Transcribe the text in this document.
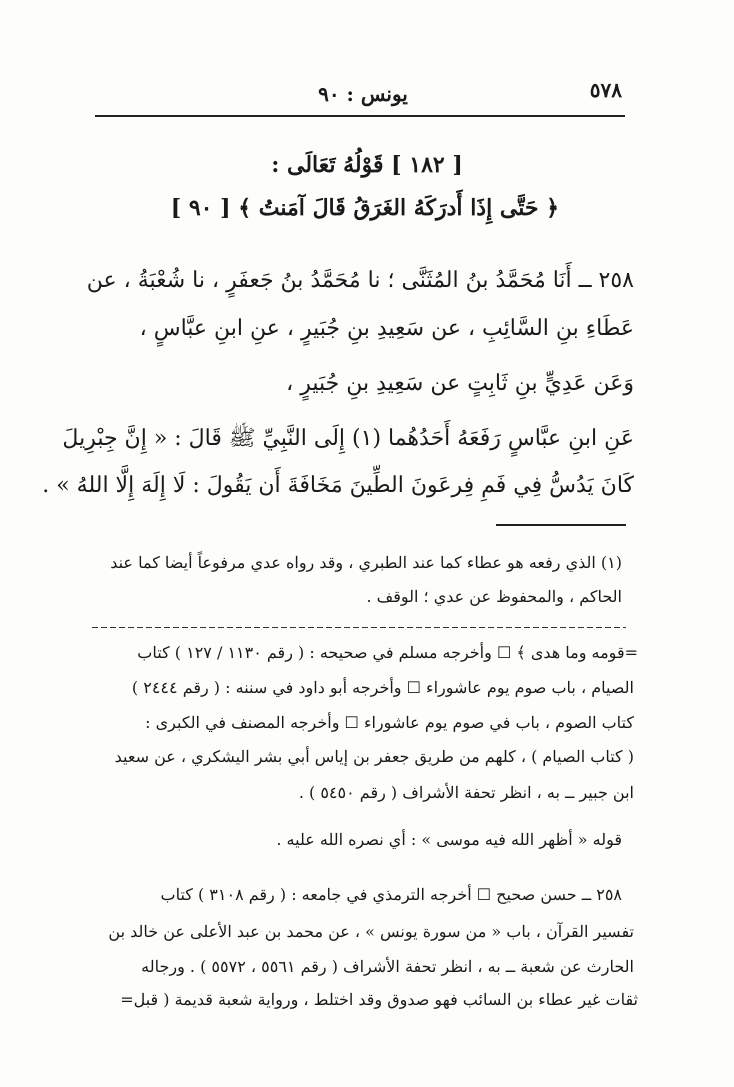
٥٧٨
يونس : ٩٠
[ ١٨٢ ] قَوْلُهُ تَعَالَى :
﴿ حَتَّى إِذَا أَدرَكَهُ الغَرَقُ قَالَ آمَنتُ ﴾ [ ٩٠ ]
٢٥٨ ــ أَنَا مُحَمَّدُ بنُ المُثَنَّى ؛ نا مُحَمَّدُ بنُ جَعفَرٍ ، نا شُعْبَةُ ، عن
عَطَاءِ بنِ السَّائِبِ ، عن سَعِيدِ بنِ جُبَيرٍ ، عنِ ابنِ عبَّاسٍ ،
وَعَن عَدِيٍّ بنِ ثَابِتٍ عن سَعِيدِ بنِ جُبَيرٍ ،
عَنِ ابنِ عبَّاسٍ رَفَعَهُ أَحَدُهُما (١) إِلَى النَّبِيِّ ﷺ قَالَ : « إِنَّ جِبْرِيلَ
كَانَ يَدُسُّ فِي فَمِ فِرعَونَ الطِّينَ مَخَافَةَ أَن يَقُولَ : لَا إِلَهَ إِلَّا اللهُ » .
(١) الذي رفعه هو عطاء كما عند الطبري ، وقد رواه عدي مرفوعاً أيضا كما عند
الحاكم ، والمحفوظ عن عدي ؛ الوقف .
=قومه وما هدى ﴾ ☐ وأخرجه مسلم في صحيحه : ( رقم ١١٣٠ / ١٢٧ ) كتاب
الصيام ، باب صوم يوم عاشوراء ☐ وأخرجه أبو داود في سننه : ( رقم ٢٤٤٤ )
كتاب الصوم ، باب في صوم يوم عاشوراء ☐ وأخرجه المصنف في الكبرى :
( كتاب الصيام ) ، كلهم من طريق جعفر بن إياس أبي بشر اليشكري ، عن سعيد
ابن جبير ــ به ، انظر تحفة الأشراف ( رقم ٥٤٥٠ ) .
قوله « أظهر الله فيه موسى » : أي نصره الله عليه .
٢٥٨ ــ حسن صحيح ☐ أخرجه الترمذي في جامعه : ( رقم ٣١٠٨ ) كتاب
تفسير القرآن ، باب « من سورة يونس » ، عن محمد بن عبد الأعلى عن خالد بن
الحارث عن شعبة ــ به ، انظر تحفة الأشراف ( رقم ٥٥٦١ ، ٥٥٧٢ ) . ورجاله
ثقات غير عطاء بن السائب فهو صدوق وقد اختلط ، ورواية شعبة قديمة ( قبل=
